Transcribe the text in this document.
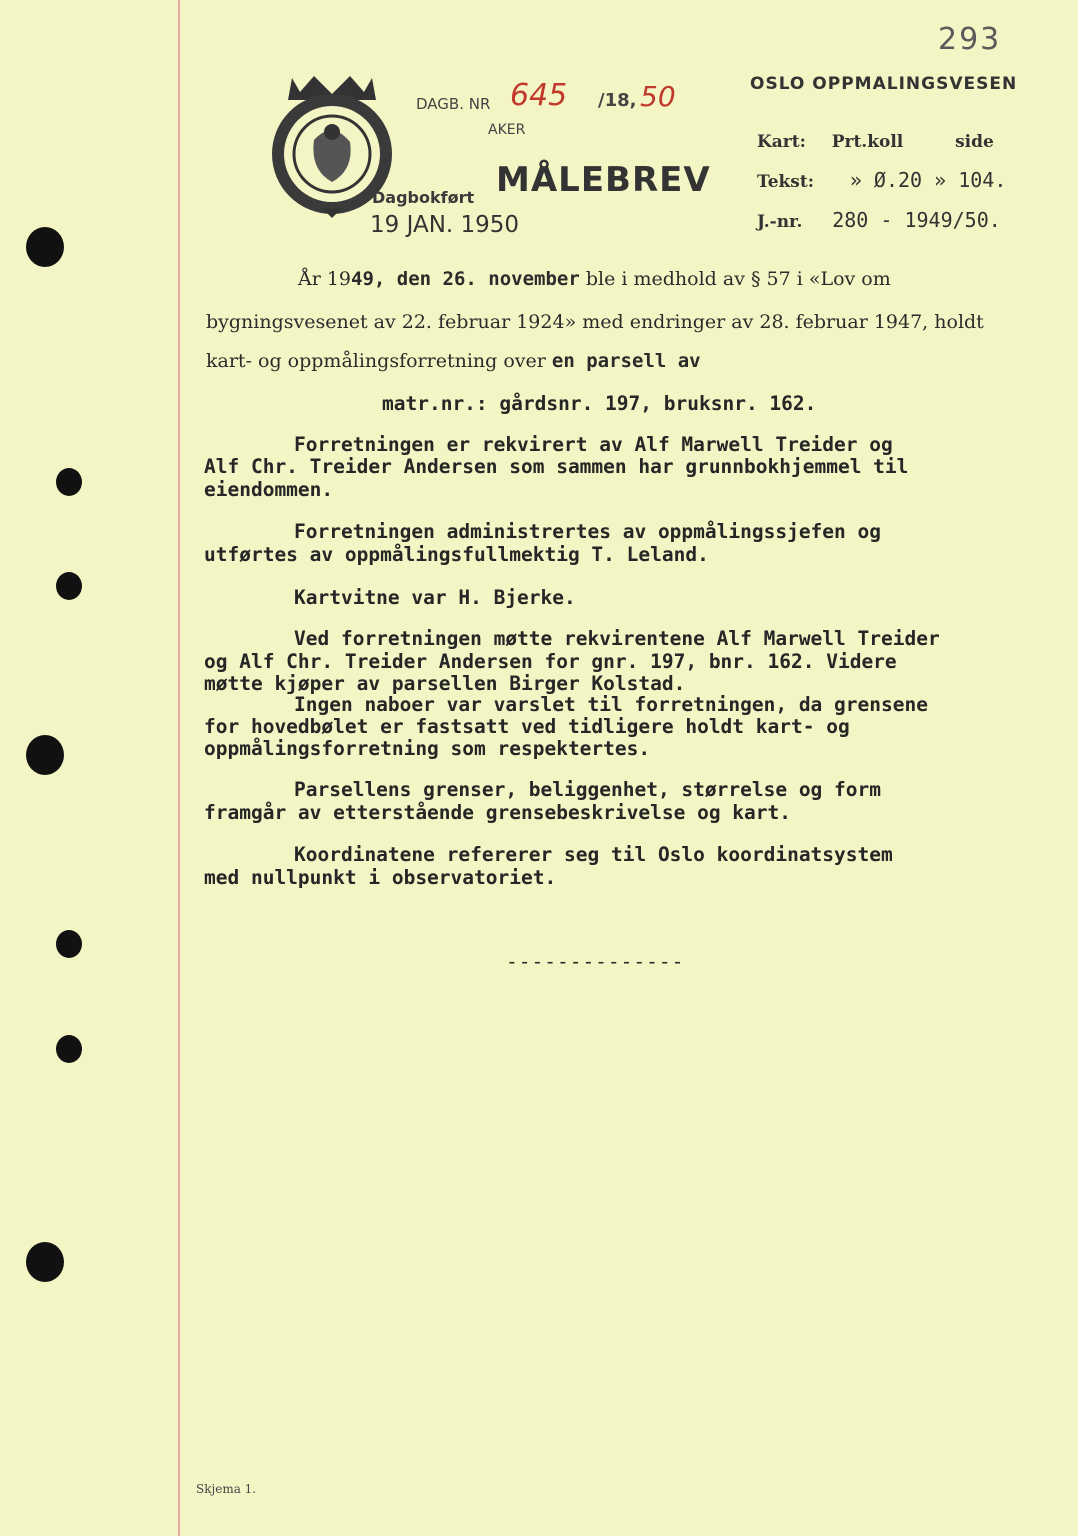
293
DAGB. NR 645 /18, 50
AKER
MÅLEBREV
Dagbokført
19 JAN. 1950
OSLO OPPMALINGSVESEN
Kart: Prt.koll	side
Tekst: » Ø.20 » 104.
J.-nr. 280 - 1949/50.
År 1949, den 26. november ble i medhold av § 57 i «Lov om
bygningsvesenet av 22. februar 1924» med endringer av 28. februar 1947, holdt
kart- og oppmålingsforretning over en parsell av
matr.nr.: gårdsnr. 197, bruksnr. 162.
Forretningen er rekvirert av Alf Marwell Treider og
Alf Chr. Treider Andersen som sammen har grunnbokhjemmel til
eiendommen.
Forretningen administrertes av oppmålingssjefen og
utførtes av oppmålingsfullmektig T. Leland.
Kartvitne var H. Bjerke.
Ved forretningen møtte rekvirentene Alf Marwell Treider
og Alf Chr. Treider Andersen for gnr. 197, bnr. 162. Videre
møtte kjøper av parsellen Birger Kolstad.
Ingen naboer var varslet til forretningen, da grensene
for hovedbølet er fastsatt ved tidligere holdt kart- og
oppmålingsforretning som respektertes.
Parsellens grenser, beliggenhet, størrelse og form
framgår av etterstående grensebeskrivelse og kart.
Koordinatene refererer seg til Oslo koordinatsystem
med nullpunkt i observatoriet.
--------------
Skjema 1.
